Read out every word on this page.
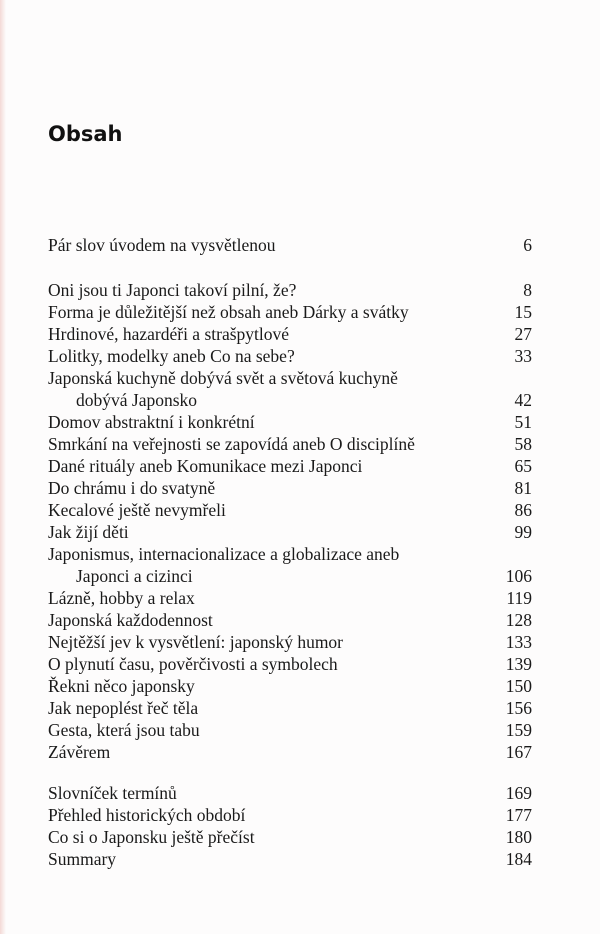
Obsah
Pár slov úvodem na vysvětlenou	6
Oni jsou ti Japonci takoví pilní, že?	8
Forma je důležitější než obsah aneb Dárky a svátky	15
Hrdinové, hazardéři a strašpytlové	27
Lolitky, modelky aneb Co na sebe?	33
Japonská kuchyně dobývá svět a světová kuchyně
dobývá Japonsko	42
Domov abstraktní i konkrétní	51
Smrkání na veřejnosti se zapovídá aneb O disciplíně	58
Dané rituály aneb Komunikace mezi Japonci	65
Do chrámu i do svatyně	81
Kecalové ještě nevymřeli	86
Jak žijí děti	99
Japonismus, internacionalizace a globalizace aneb
Japonci a cizinci	106
Lázně, hobby a relax	119
Japonská každodennost	128
Nejtěžší jev k vysvětlení: japonský humor	133
O plynutí času, pověrčivosti a symbolech	139
Řekni něco japonsky	150
Jak nepoplést řeč těla	156
Gesta, která jsou tabu	159
Závěrem	167
Slovníček termínů	169
Přehled historických období	177
Co si o Japonsku ještě přečíst	180
Summary	184
